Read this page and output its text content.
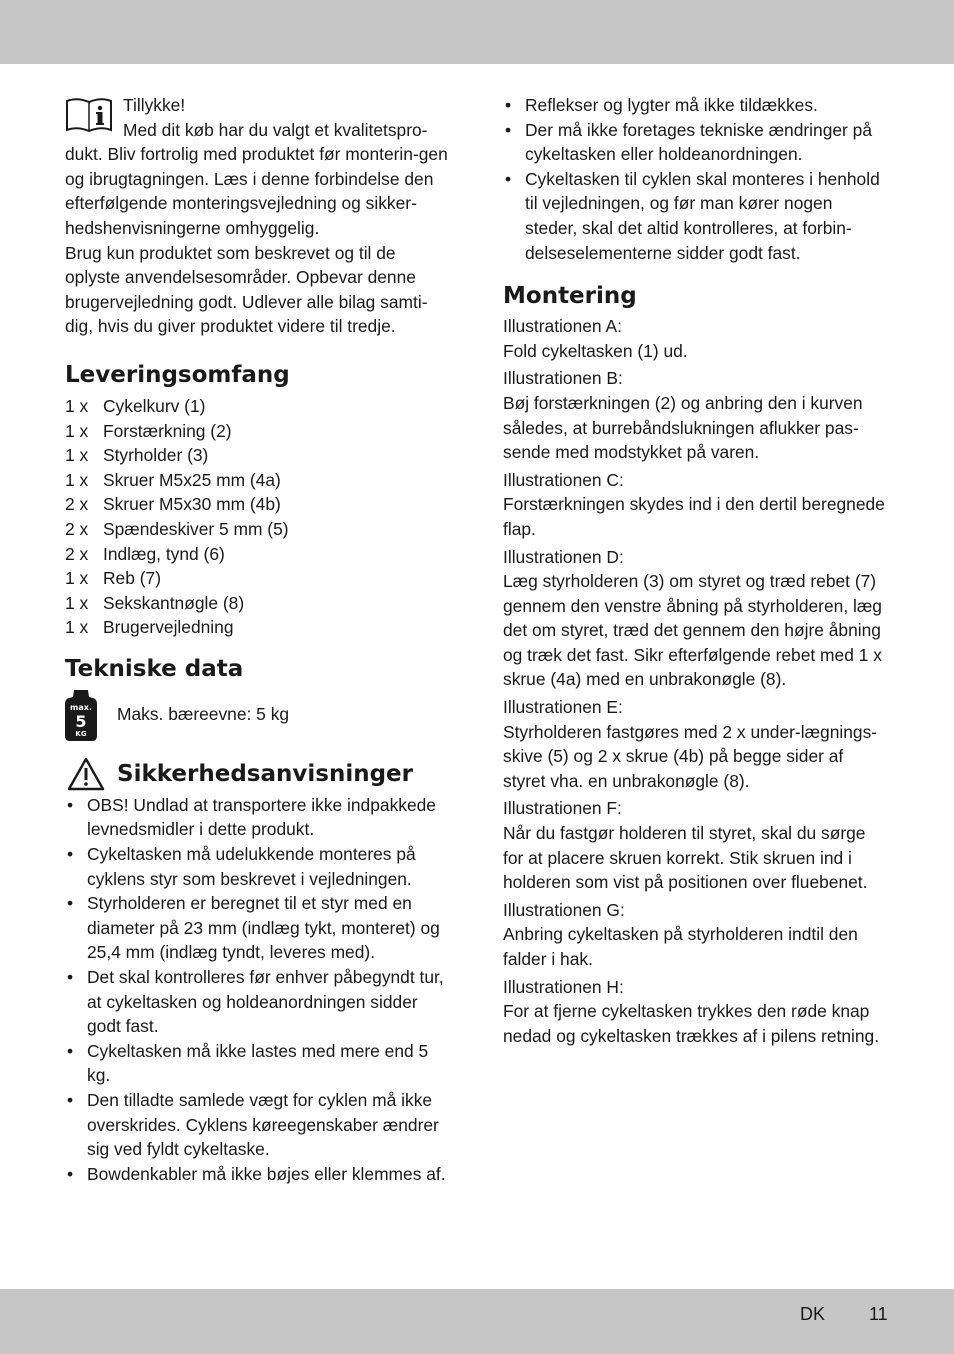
Tillykke!

Med dit køb har du valgt et kvalitetspro-

dukt. Bliv fortrolig med produktet før monterin-gen og ibrugtagningen. Læs i denne forbindelse den efterfølgende monteringsvejledning og sikker-hedshenvisningerne omhyggelig.

Brug kun produktet som beskrevet og til de oplyste anvendelsesområder. Opbevar denne brugervejledning godt. Udlever alle bilag samti-dig, hvis du giver produktet videre til tredje.

Leveringsomfang
1 x Cykelkurv (1)
1 x Forstærkning (2)
1 x Styrholder (3)
1 x Skruer M5x25 mm (4a)
2 x Skruer M5x30 mm (4b)
2 x Spændeskiver 5 mm (5)
2 x Indlæg, tynd (6)
1 x Reb (7)
1 x Sekskantnøgle (8)
1 x Brugervejledning
Tekniske data
max.
5
KG
Maks. bæreevne: 5 kg
Sikkerhedsanvisninger
• OBS! Undlad at transportere ikke indpakkede levnedsmidler i dette produkt.
• Cykeltasken må udelukkende monteres på cyklens styr som beskrevet i vejledningen.
• Styrholderen er beregnet til et styr med en diameter på 23 mm (indlæg tykt, monteret) og 25,4 mm (indlæg tyndt, leveres med).
• Det skal kontrolleres før enhver påbegyndt tur, at cykeltasken og holdeanordningen sidder godt fast.
• Cykeltasken må ikke lastes med mere end 5 kg.
• Den tilladte samlede vægt for cyklen må ikke overskrides. Cyklens køreegenskaber ændrer sig ved fyldt cykeltaske.
• Bowdenkabler må ikke bøjes eller klemmes af.
• Reflekser og lygter må ikke tildækkes.
• Der må ikke foretages tekniske ændringer på cykeltasken eller holdeanordningen.
• Cykeltasken til cyklen skal monteres i henhold til vejledningen, og før man kører nogen steder, skal det altid kontrolleres, at forbin-delseselementerne sidder godt fast.
Montering

Illustrationen A:

Fold cykeltasken (1) ud.

Illustrationen B:

Bøj forstærkningen (2) og anbring den i kurven således, at burrebåndslukningen aflukker pas-sende med modstykket på varen.

Illustrationen C:

Forstærkningen skydes ind i den dertil beregnede flap.

Illustrationen D:

Læg styrholderen (3) om styret og træd rebet (7) gennem den venstre åbning på styrholderen, læg det om styret, træd det gennem den højre åbning og træk det fast. Sikr efterfølgende rebet med 1 x skrue (4a) med en unbrakonøgle (8).

Illustrationen E:

Styrholderen fastgøres med 2 x under-lægnings-skive (5) og 2 x skrue (4b) på begge sider af styret vha. en unbrakonøgle (8).

Illustrationen F:

Når du fastgør holderen til styret, skal du sørge for at placere skruen korrekt. Stik skruen ind i holderen som vist på positionen over fluebenet.

Illustrationen G:

Anbring cykeltasken på styrholderen indtil den falder i hak.

Illustrationen H:

For at fjerne cykeltasken trykkes den røde knap nedad og cykeltasken trækkes af i pilens retning.

DK 11
